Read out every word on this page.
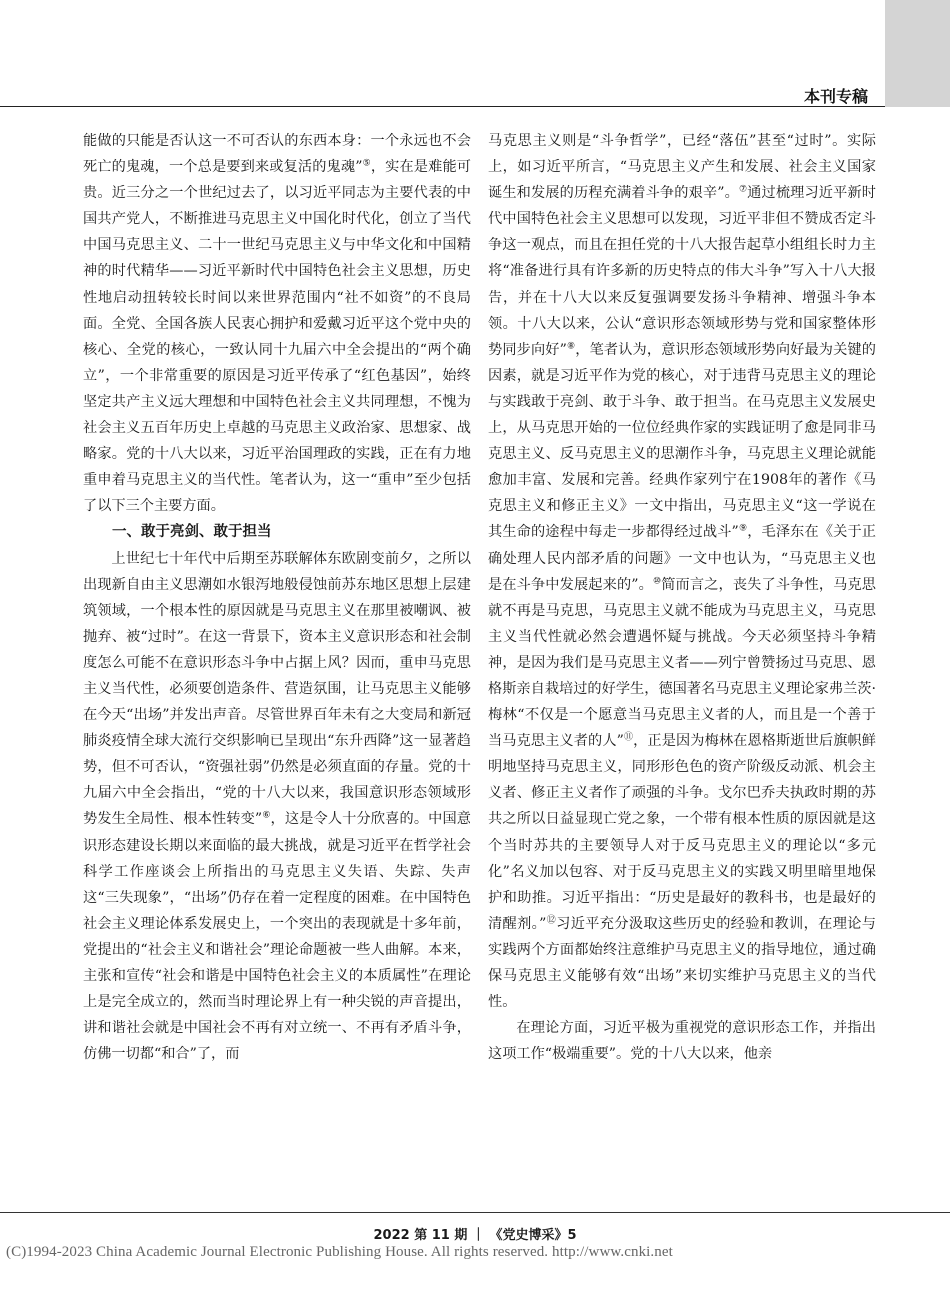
本刊专稿

能做的只能是否认这一不可否认的东西本身：一个永远也不会死亡的鬼魂，一个总是要到来或复活的鬼魂”⑤，实在是难能可贵。近三分之一个世纪过去了，以习近平同志为主要代表的中国共产党人，不断推进马克思主义中国化时代化，创立了当代中国马克思主义、二十一世纪马克思主义与中华文化和中国精神的时代精华——习近平新时代中国特色社会主义思想，历史性地启动扭转较长时间以来世界范围内“社不如资”的不良局面。全党、全国各族人民衷心拥护和爱戴习近平这个党中央的核心、全党的核心，一致认同十九届六中全会提出的“两个确立”，一个非常重要的原因是习近平传承了“红色基因”，始终坚定共产主义远大理想和中国特色社会主义共同理想，不愧为社会主义五百年历史上卓越的马克思主义政治家、思想家、战略家。党的十八大以来，习近平治国理政的实践，正在有力地重申着马克思主义的当代性。笔者认为，这一“重申”至少包括了以下三个主要方面。

一、敢于亮剑、敢于担当

上世纪七十年代中后期至苏联解体东欧剧变前夕，之所以出现新自由主义思潮如水银泻地般侵蚀前苏东地区思想上层建筑领域，一个根本性的原因就是马克思主义在那里被嘲讽、被抛弃、被“过时”。在这一背景下，资本主义意识形态和社会制度怎么可能不在意识形态斗争中占据上风？因而，重申马克思主义当代性，必须要创造条件、营造氛围，让马克思主义能够在今天“出场”并发出声音。尽管世界百年未有之大变局和新冠肺炎疫情全球大流行交织影响已呈现出“东升西降”这一显著趋势，但不可否认，“资强社弱”仍然是必须直面的存量。党的十九届六中全会指出，“党的十八大以来，我国意识形态领域形势发生全局性、根本性转变”⑥，这是令人十分欣喜的。中国意识形态建设长期以来面临的最大挑战，就是习近平在哲学社会科学工作座谈会上所指出的马克思主义失语、失踪、失声这“三失现象”，“出场”仍存在着一定程度的困难。在中国特色社会主义理论体系发展史上，一个突出的表现就是十多年前，党提出的“社会主义和谐社会”理论命题被一些人曲解。本来，主张和宣传“社会和谐是中国特色社会主义的本质属性”在理论上是完全成立的，然而当时理论界上有一种尖锐的声音提出，讲和谐社会就是中国社会不再有对立统一、不再有矛盾斗争，仿佛一切都“和合”了，而

马克思主义则是“斗争哲学”，已经“落伍”甚至“过时”。实际上，如习近平所言，“马克思主义产生和发展、社会主义国家诞生和发展的历程充满着斗争的艰辛”。⑦通过梳理习近平新时代中国特色社会主义思想可以发现，习近平非但不赞成否定斗争这一观点，而且在担任党的十八大报告起草小组组长时力主将“准备进行具有许多新的历史特点的伟大斗争”写入十八大报告，并在十八大以来反复强调要发扬斗争精神、增强斗争本领。十八大以来，公认“意识形态领域形势与党和国家整体形势同步向好”⑧，笔者认为，意识形态领域形势向好最为关键的因素，就是习近平作为党的核心，对于违背马克思主义的理论与实践敢于亮剑、敢于斗争、敢于担当。在马克思主义发展史上，从马克思开始的一位位经典作家的实践证明了愈是同非马克思主义、反马克思主义的思潮作斗争，马克思主义理论就能愈加丰富、发展和完善。经典作家列宁在1908年的著作《马克思主义和修正主义》一文中指出，马克思主义“这一学说在其生命的途程中每走一步都得经过战斗”⑨，毛泽东在《关于正确处理人民内部矛盾的问题》一文中也认为，“马克思主义也是在斗争中发展起来的”。⑩简而言之，丧失了斗争性，马克思就不再是马克思，马克思主义就不能成为马克思主义，马克思主义当代性就必然会遭遇怀疑与挑战。今天必须坚持斗争精神，是因为我们是马克思主义者——列宁曾赞扬过马克思、恩格斯亲自栽培过的好学生，德国著名马克思主义理论家弗兰茨·梅林“不仅是一个愿意当马克思主义者的人，而且是一个善于当马克思主义者的人”⑪，正是因为梅林在恩格斯逝世后旗帜鲜明地坚持马克思主义，同形形色色的资产阶级反动派、机会主义者、修正主义者作了顽强的斗争。戈尔巴乔夫执政时期的苏共之所以日益显现亡党之象，一个带有根本性质的原因就是这个当时苏共的主要领导人对于反马克思主义的理论以“多元化”名义加以包容、对于反马克思主义的实践又明里暗里地保护和助推。习近平指出：“历史是最好的教科书，也是最好的清醒剂。”⑫习近平充分汲取这些历史的经验和教训，在理论与实践两个方面都始终注意维护马克思主义的指导地位，通过确保马克思主义能够有效“出场”来切实维护马克思主义的当代性。

在理论方面，习近平极为重视党的意识形态工作，并指出这项工作“极端重要”。党的十八大以来，他亲

2022 第 11 期 ｜ 《党史博采》5
(C)1994-2023 China Academic Journal Electronic Publishing House. All rights reserved. http://www.cnki.net
